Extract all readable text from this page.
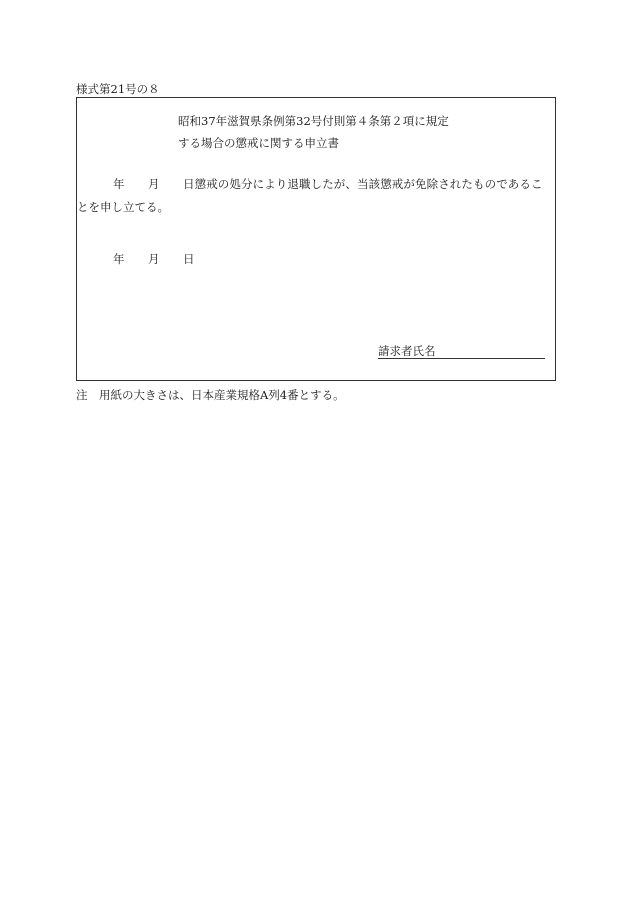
様式第21号の８
昭和37年滋賀県条例第32号付則第４条第２項に規定
する場合の懲戒に関する申立書
年 月 日懲戒の処分により退職したが、当該懲戒が免除されたものであるこ
とを申し立てる。
年 月 日
請求者氏名
注　用紙の大きさは、日本産業規格A列4番とする。
